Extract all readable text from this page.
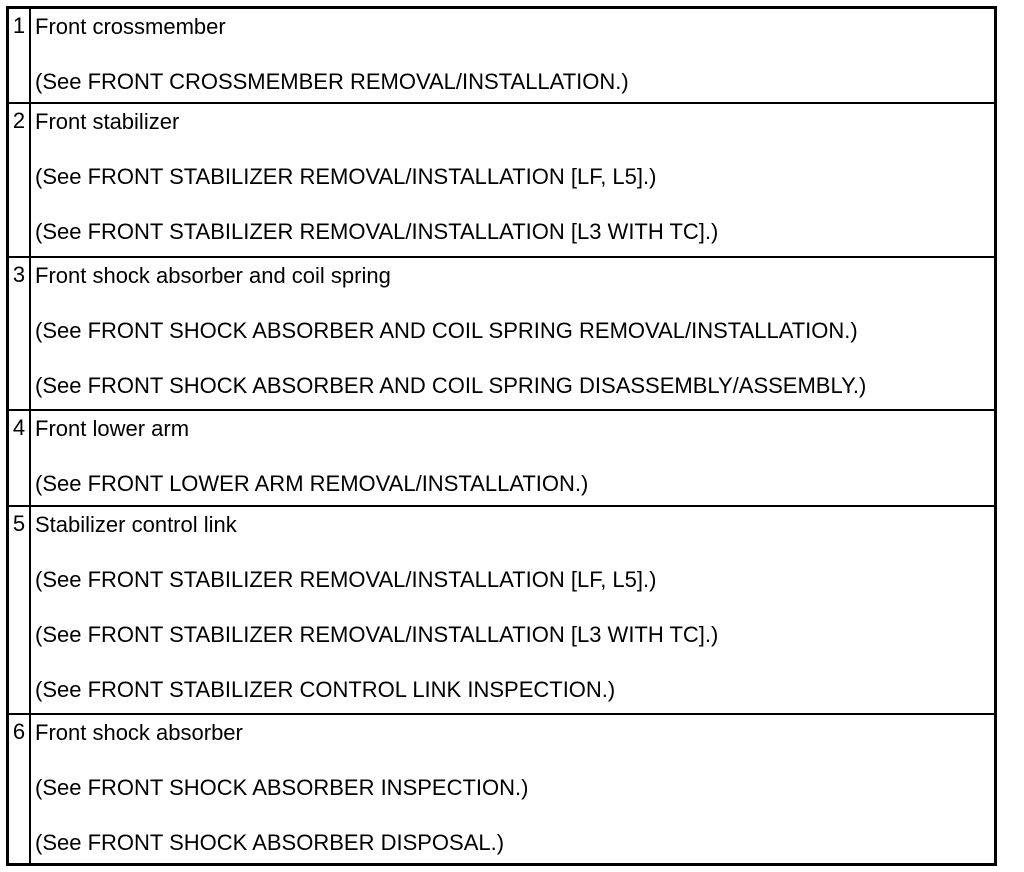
1	Front crossmember
(See FRONT CROSSMEMBER REMOVAL/INSTALLATION.)

2	Front stabilizer
(See FRONT STABILIZER REMOVAL/INSTALLATION [LF, L5].)
(See FRONT STABILIZER REMOVAL/INSTALLATION [L3 WITH TC].)

3	Front shock absorber and coil spring
(See FRONT SHOCK ABSORBER AND COIL SPRING REMOVAL/INSTALLATION.)
(See FRONT SHOCK ABSORBER AND COIL SPRING DISASSEMBLY/ASSEMBLY.)

4	Front lower arm
(See FRONT LOWER ARM REMOVAL/INSTALLATION.)

5	Stabilizer control link
(See FRONT STABILIZER REMOVAL/INSTALLATION [LF, L5].)
(See FRONT STABILIZER REMOVAL/INSTALLATION [L3 WITH TC].)
(See FRONT STABILIZER CONTROL LINK INSPECTION.)

6	Front shock absorber
(See FRONT SHOCK ABSORBER INSPECTION.)
(See FRONT SHOCK ABSORBER DISPOSAL.)
